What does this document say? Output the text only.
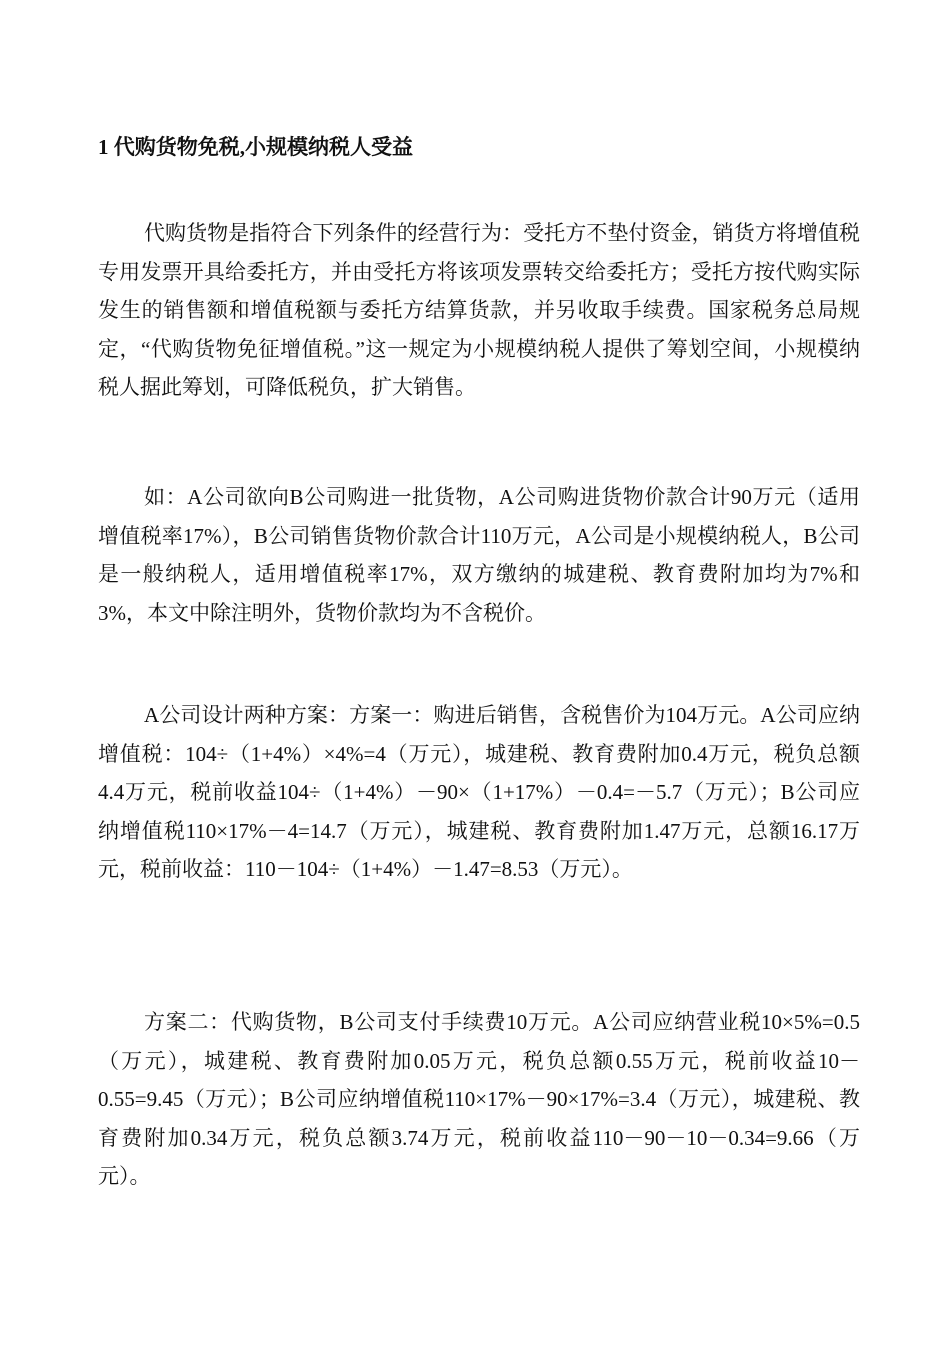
1 代购货物免税,小规模纳税人受益

代购货物是指符合下列条件的经营行为：受托方不垫付资金，销货方将增值税专用发票开具给委托方，并由受托方将该项发票转交给委托方；受托方按代购实际发生的销售额和增值税额与委托方结算货款，并另收取手续费。国家税务总局规定，“代购货物免征增值税。”这一规定为小规模纳税人提供了筹划空间，小规模纳税人据此筹划，可降低税负，扩大销售。

如：A公司欲向B公司购进一批货物，A公司购进货物价款合计90万元（适用增值税率17%），B公司销售货物价款合计110万元，A公司是小规模纳税人，B公司是一般纳税人，适用增值税率17%，双方缴纳的城建税、教育费附加均为7%和3%，本文中除注明外，货物价款均为不含税价。

A公司设计两种方案：方案一：购进后销售，含税售价为104万元。A公司应纳增值税：104÷（1+4%）×4%=4（万元），城建税、教育费附加0.4万元，税负总额4.4万元，税前收益104÷（1+4%）－90×（1+17%）－0.4=－5.7（万元）；B公司应纳增值税110×17%－4=14.7（万元），城建税、教育费附加1.47万元，总额16.17万元，税前收益：110－104÷（1+4%）－1.47=8.53（万元）。

方案二：代购货物，B公司支付手续费10万元。A公司应纳营业税10×5%=0.5（万元），城建税、教育费附加0.05万元，税负总额0.55万元，税前收益10－0.55=9.45（万元）；B公司应纳增值税110×17%－90×17%=3.4（万元），城建税、教育费附加0.34万元，税负总额3.74万元，税前收益110－90－10－0.34=9.66（万元）。
